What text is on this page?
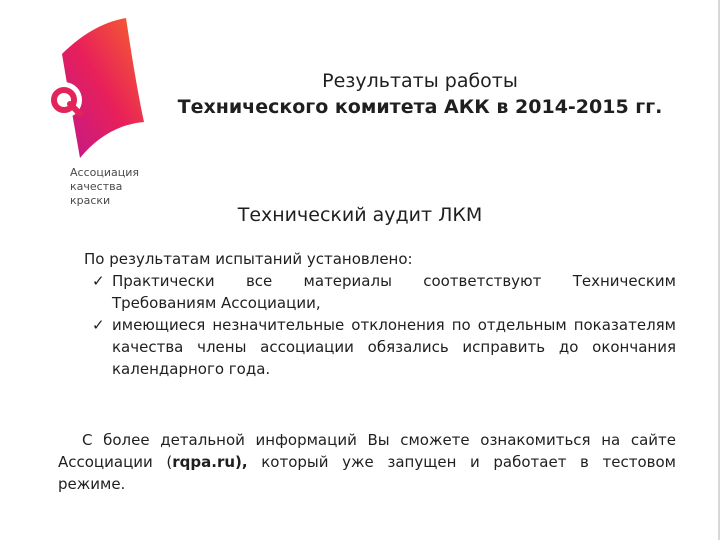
Ассоциация
качества
краски
Результаты работы
Технического комитета АКК в 2014-2015 гг.
Технический аудит ЛКМ

По результатам испытаний установлено:

✓ Практически все материалы соответствуют Техническим Требованиям Ассоциации,
✓ имеющиеся незначительные отклонения по отдельным показателям качества члены ассоциации обязались исправить до окончания календарного года.

С более детальной информаций Вы сможете ознакомиться на сайте Ассоциации (rqpa.ru), который уже запущен и работает в тестовом режиме.
